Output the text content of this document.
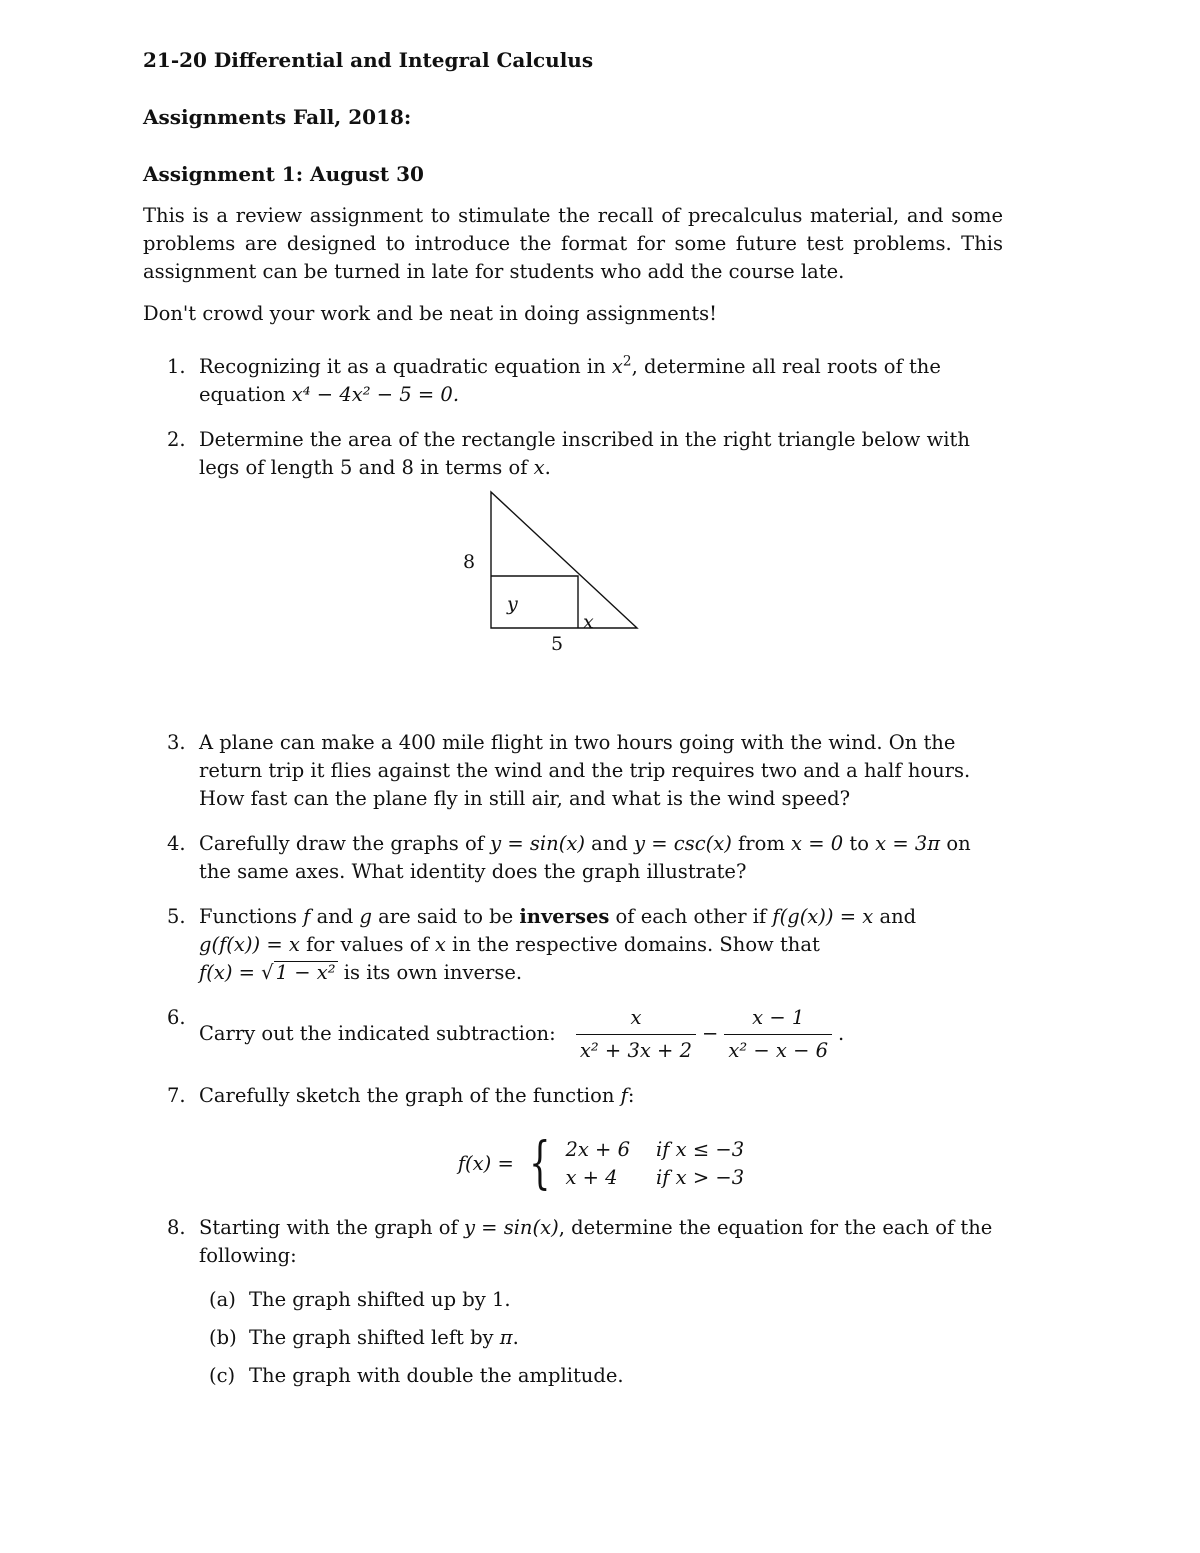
21-20 Differential and Integral Calculus
Assignments Fall, 2018:
Assignment 1: August 30

This is a review assignment to stimulate the recall of precalculus material, and some problems are designed to introduce the format for some future test problems. This assignment can be turned in late for students who add the course late.

Don't crowd your work and be neat in doing assignments!

1. Recognizing it as a quadratic equation in $x^2$, determine all real roots of the equation x⁴ − 4x² − 5 = 0.
2. Determine the area of the rectangle inscribed in the right triangle below with legs of length 5 and 8 in terms of x.
8
y
x
5
3. A plane can make a 400 mile flight in two hours going with the wind. On the return trip it flies against the wind and the trip requires two and a half hours. How fast can the plane fly in still air, and what is the wind speed?
4. Carefully draw the graphs of y = sin(x) and y = csc(x) from x = 0 to x = 3π on the same axes. What identity does the graph illustrate?
5. Functions f and g are said to be inverses of each other if f(g(x)) = x and
g(f(x)) = x for values of x in the respective domains. Show that
f(x) = √ 1 − x² is its own inverse.
6.
Carry out the indicated subtraction: $\frac{x}{\text{x² + 3x + 2}} - \frac{x - 1}{\text{x² − x − 6}}$ .
7. Carefully sketch the graph of the function f:
f(x) = { 2x + 6 if x ≤ −3
x + 4	if x > −3
8. Starting with the graph of y = sin(x), determine the equation for the each of the following:
(a) The graph shifted up by 1.
(b) The graph shifted left by π.
(c) The graph with double the amplitude.
